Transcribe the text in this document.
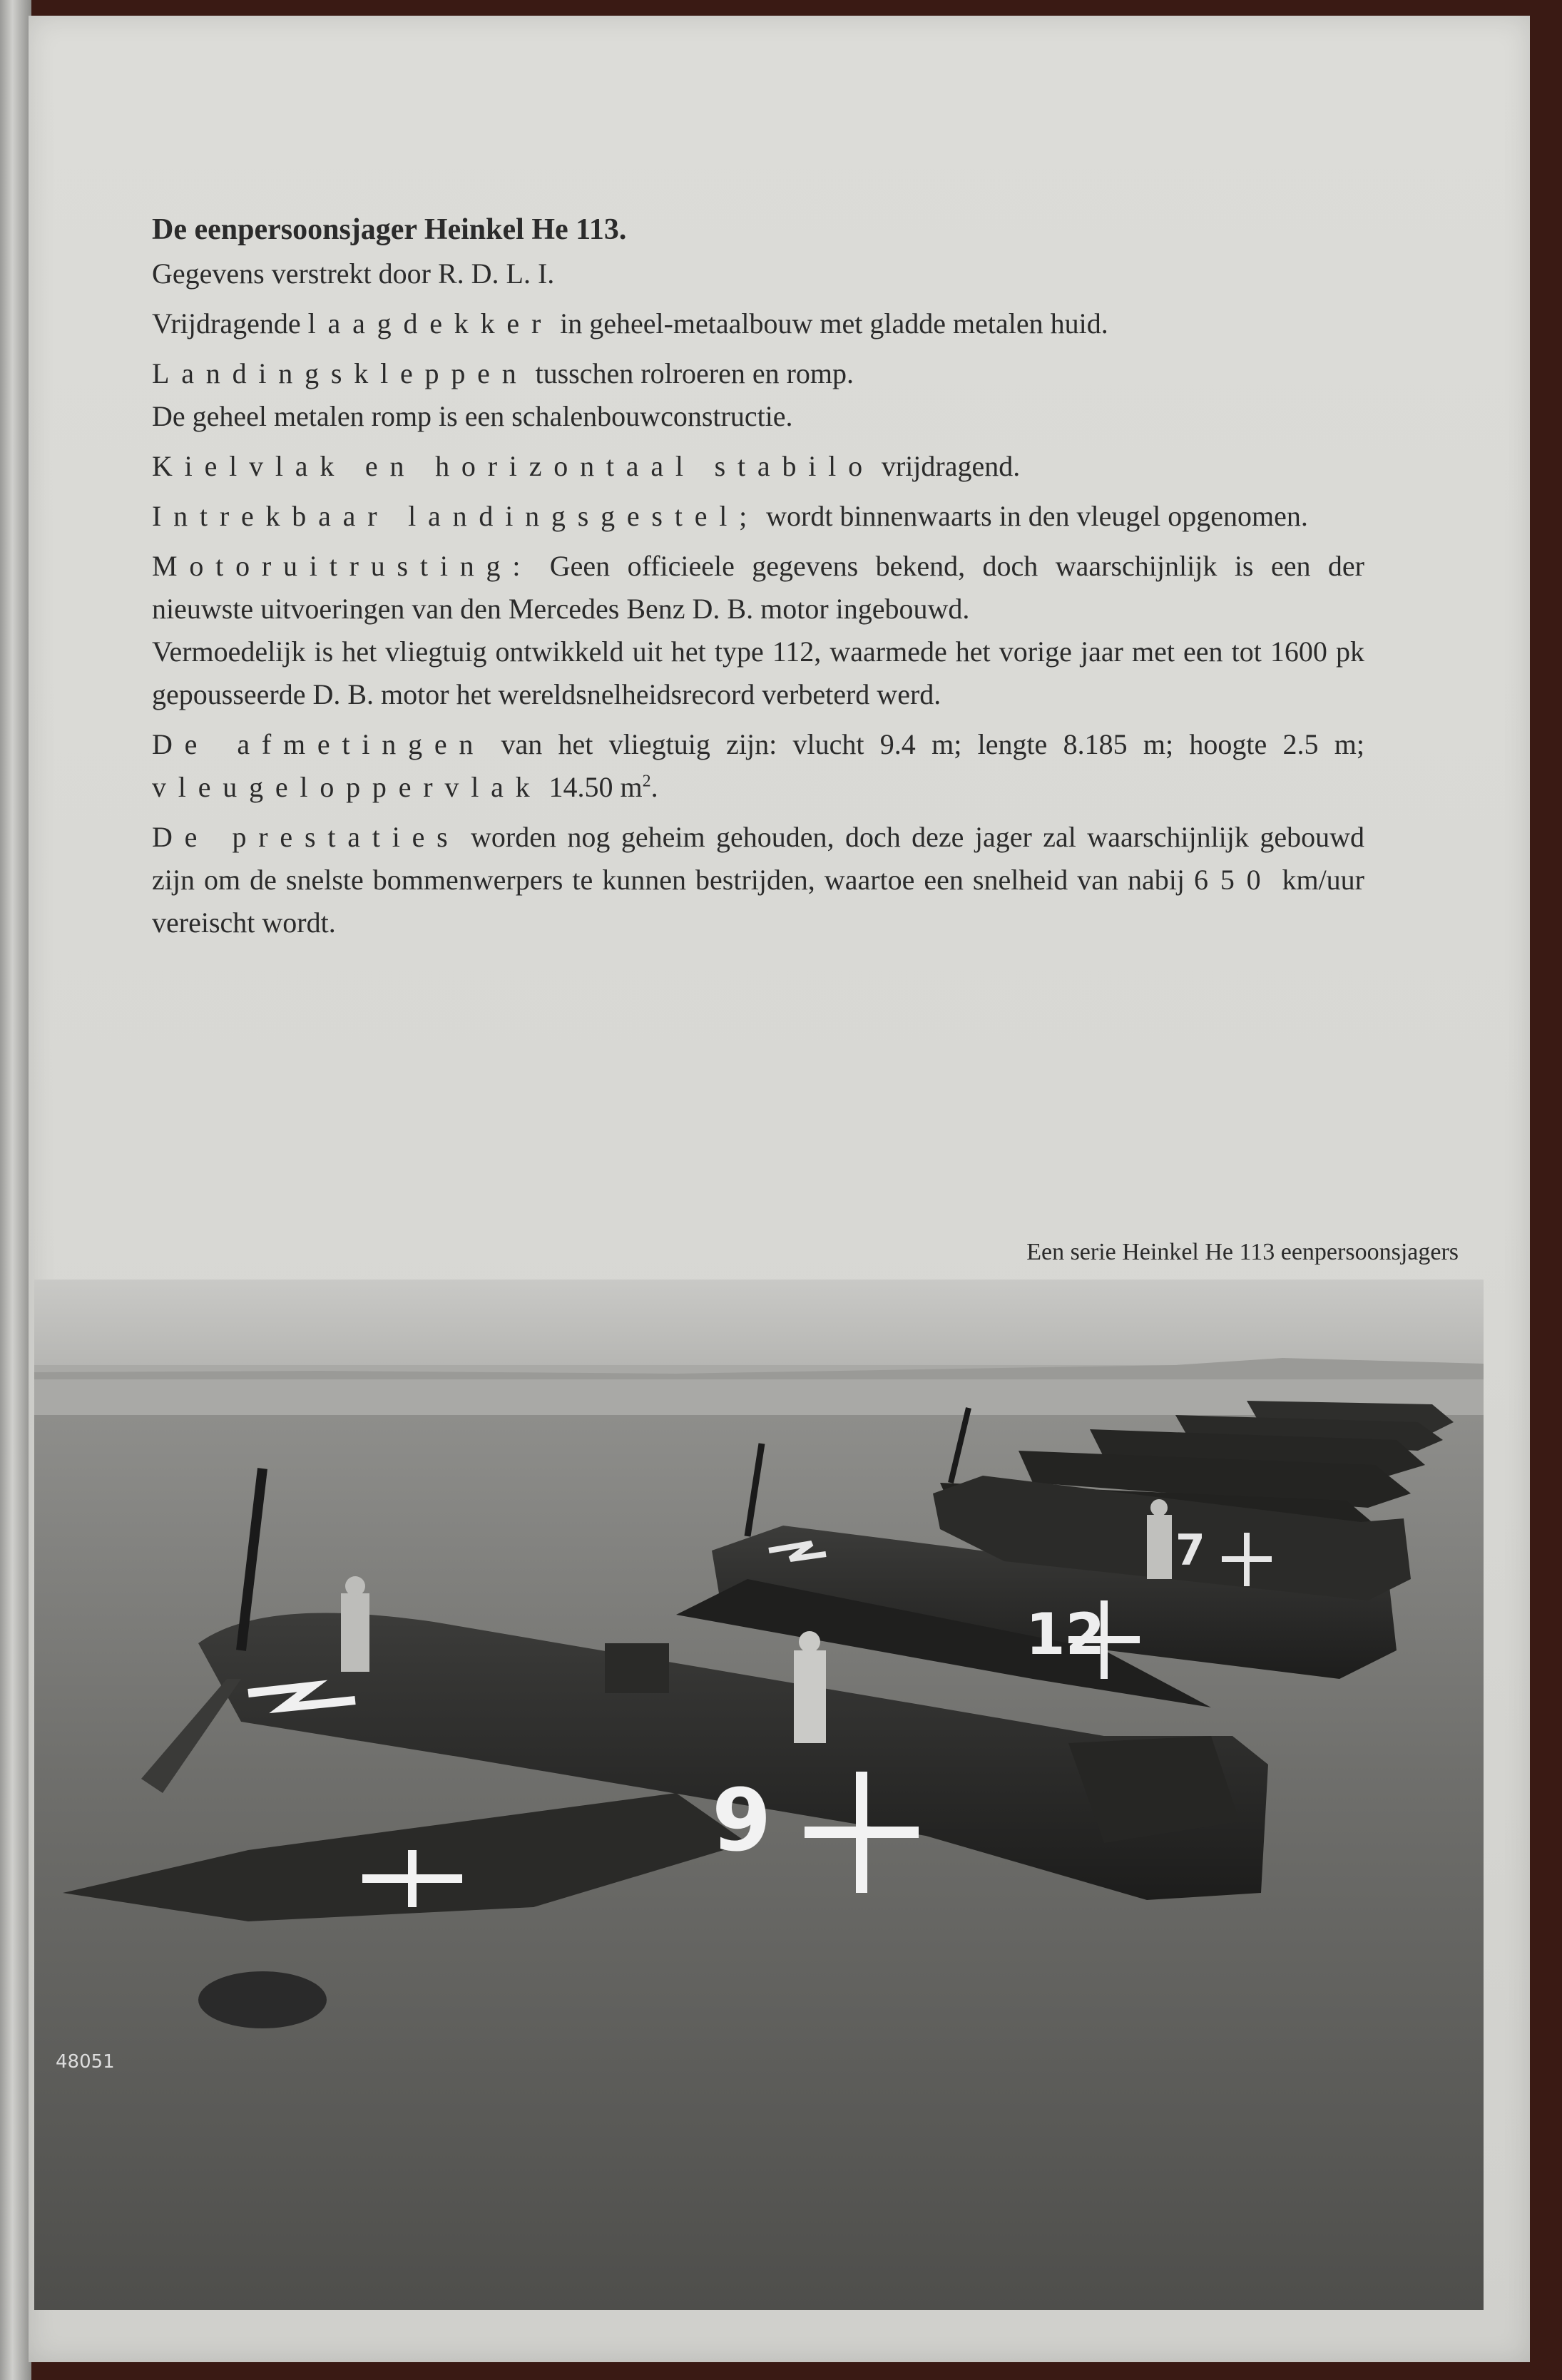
De eenpersoonsjager Heinkel He 113.
Gegevens verstrekt door R. D. L. I.
Vrijdragende laagdekker in geheel-metaalbouw met gladde metalen huid.
Landingskleppen tusschen rolroeren en romp.
De geheel metalen romp is een schalenbouwconstructie.
Kielvlak en horizontaal stabilo vrijdragend.
Intrekbaar landingsgestel; wordt binnenwaarts in den vleugel opgenomen.
Motoruitrusting: Geen officieele gegevens bekend, doch waarschijnlijk is een der nieuwste uitvoeringen van den Mercedes Benz D. B. motor ingebouwd.
Vermoedelijk is het vliegtuig ontwikkeld uit het type 112, waarmede het vorige jaar met een tot 1600 pk gepousseerde D. B. motor het wereldsnelheidsrecord verbeterd werd.
De afmetingen van het vliegtuig zijn: vlucht 9.4 m; lengte 8.185 m; hoogte 2.5 m; vleugeloppervlak 14.50 $m^2$.
De prestaties worden nog geheim gehouden, doch deze jager zal waarschijnlijk gebouwd zijn om de snelste bommenwerpers te kunnen bestrijden, waartoe een snelheid van nabij 650 km/uur vereischt wordt.
Een serie Heinkel He 113 eenpersoonsjagers
12
7
9
48051
